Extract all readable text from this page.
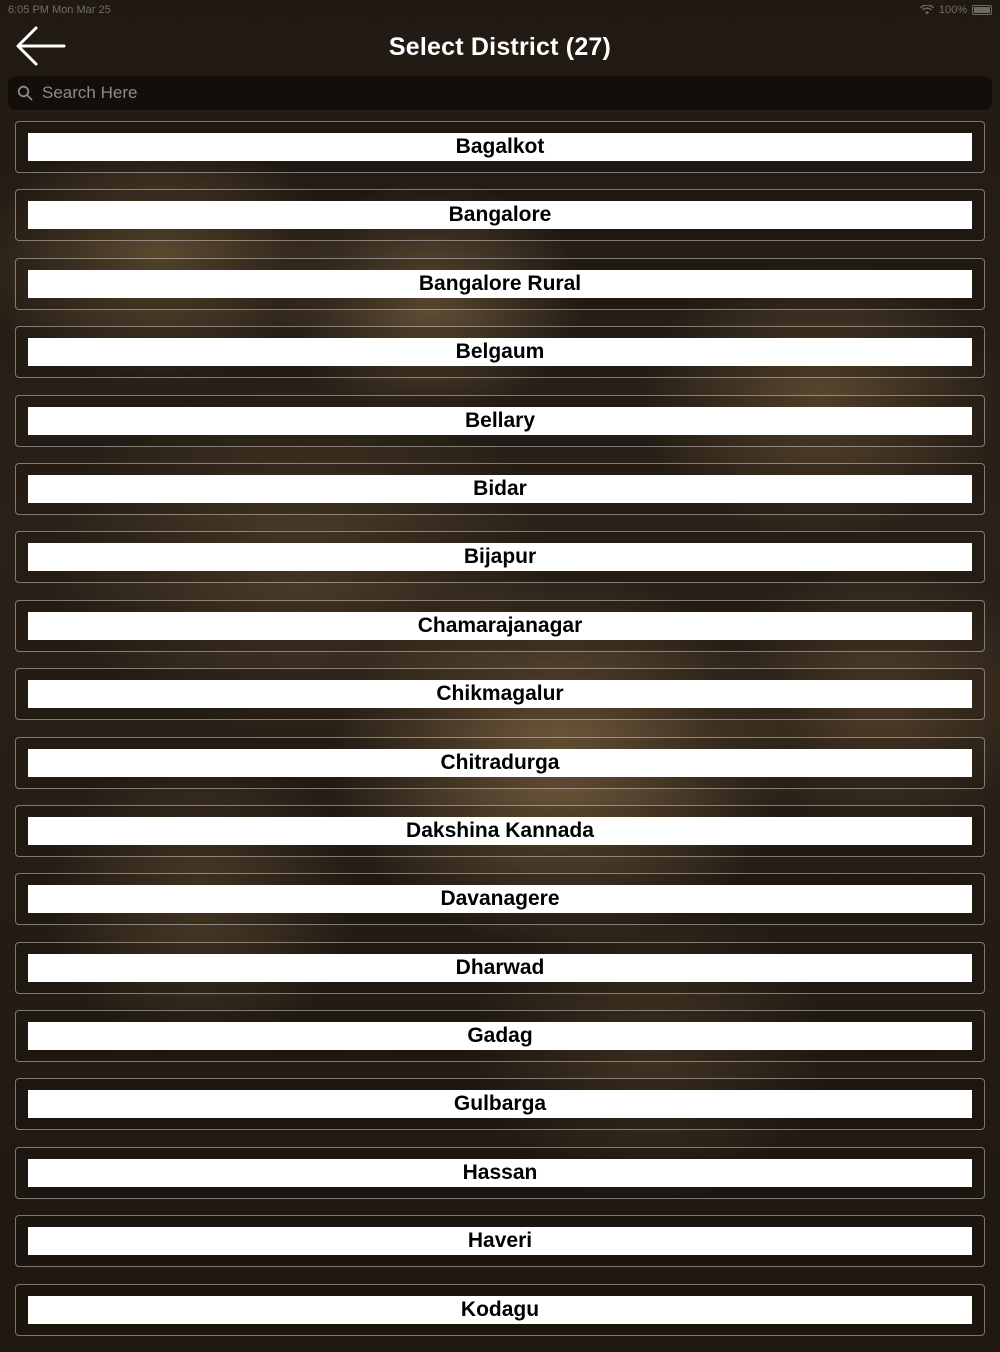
6:05 PM Mon Mar 25	100%
Select District (27)
Search Here
Bagalkot
Bangalore
Bangalore Rural
Belgaum
Bellary
Bidar
Bijapur
Chamarajanagar
Chikmagalur
Chitradurga
Dakshina Kannada
Davanagere
Dharwad
Gadag
Gulbarga
Hassan
Haveri
Kodagu
